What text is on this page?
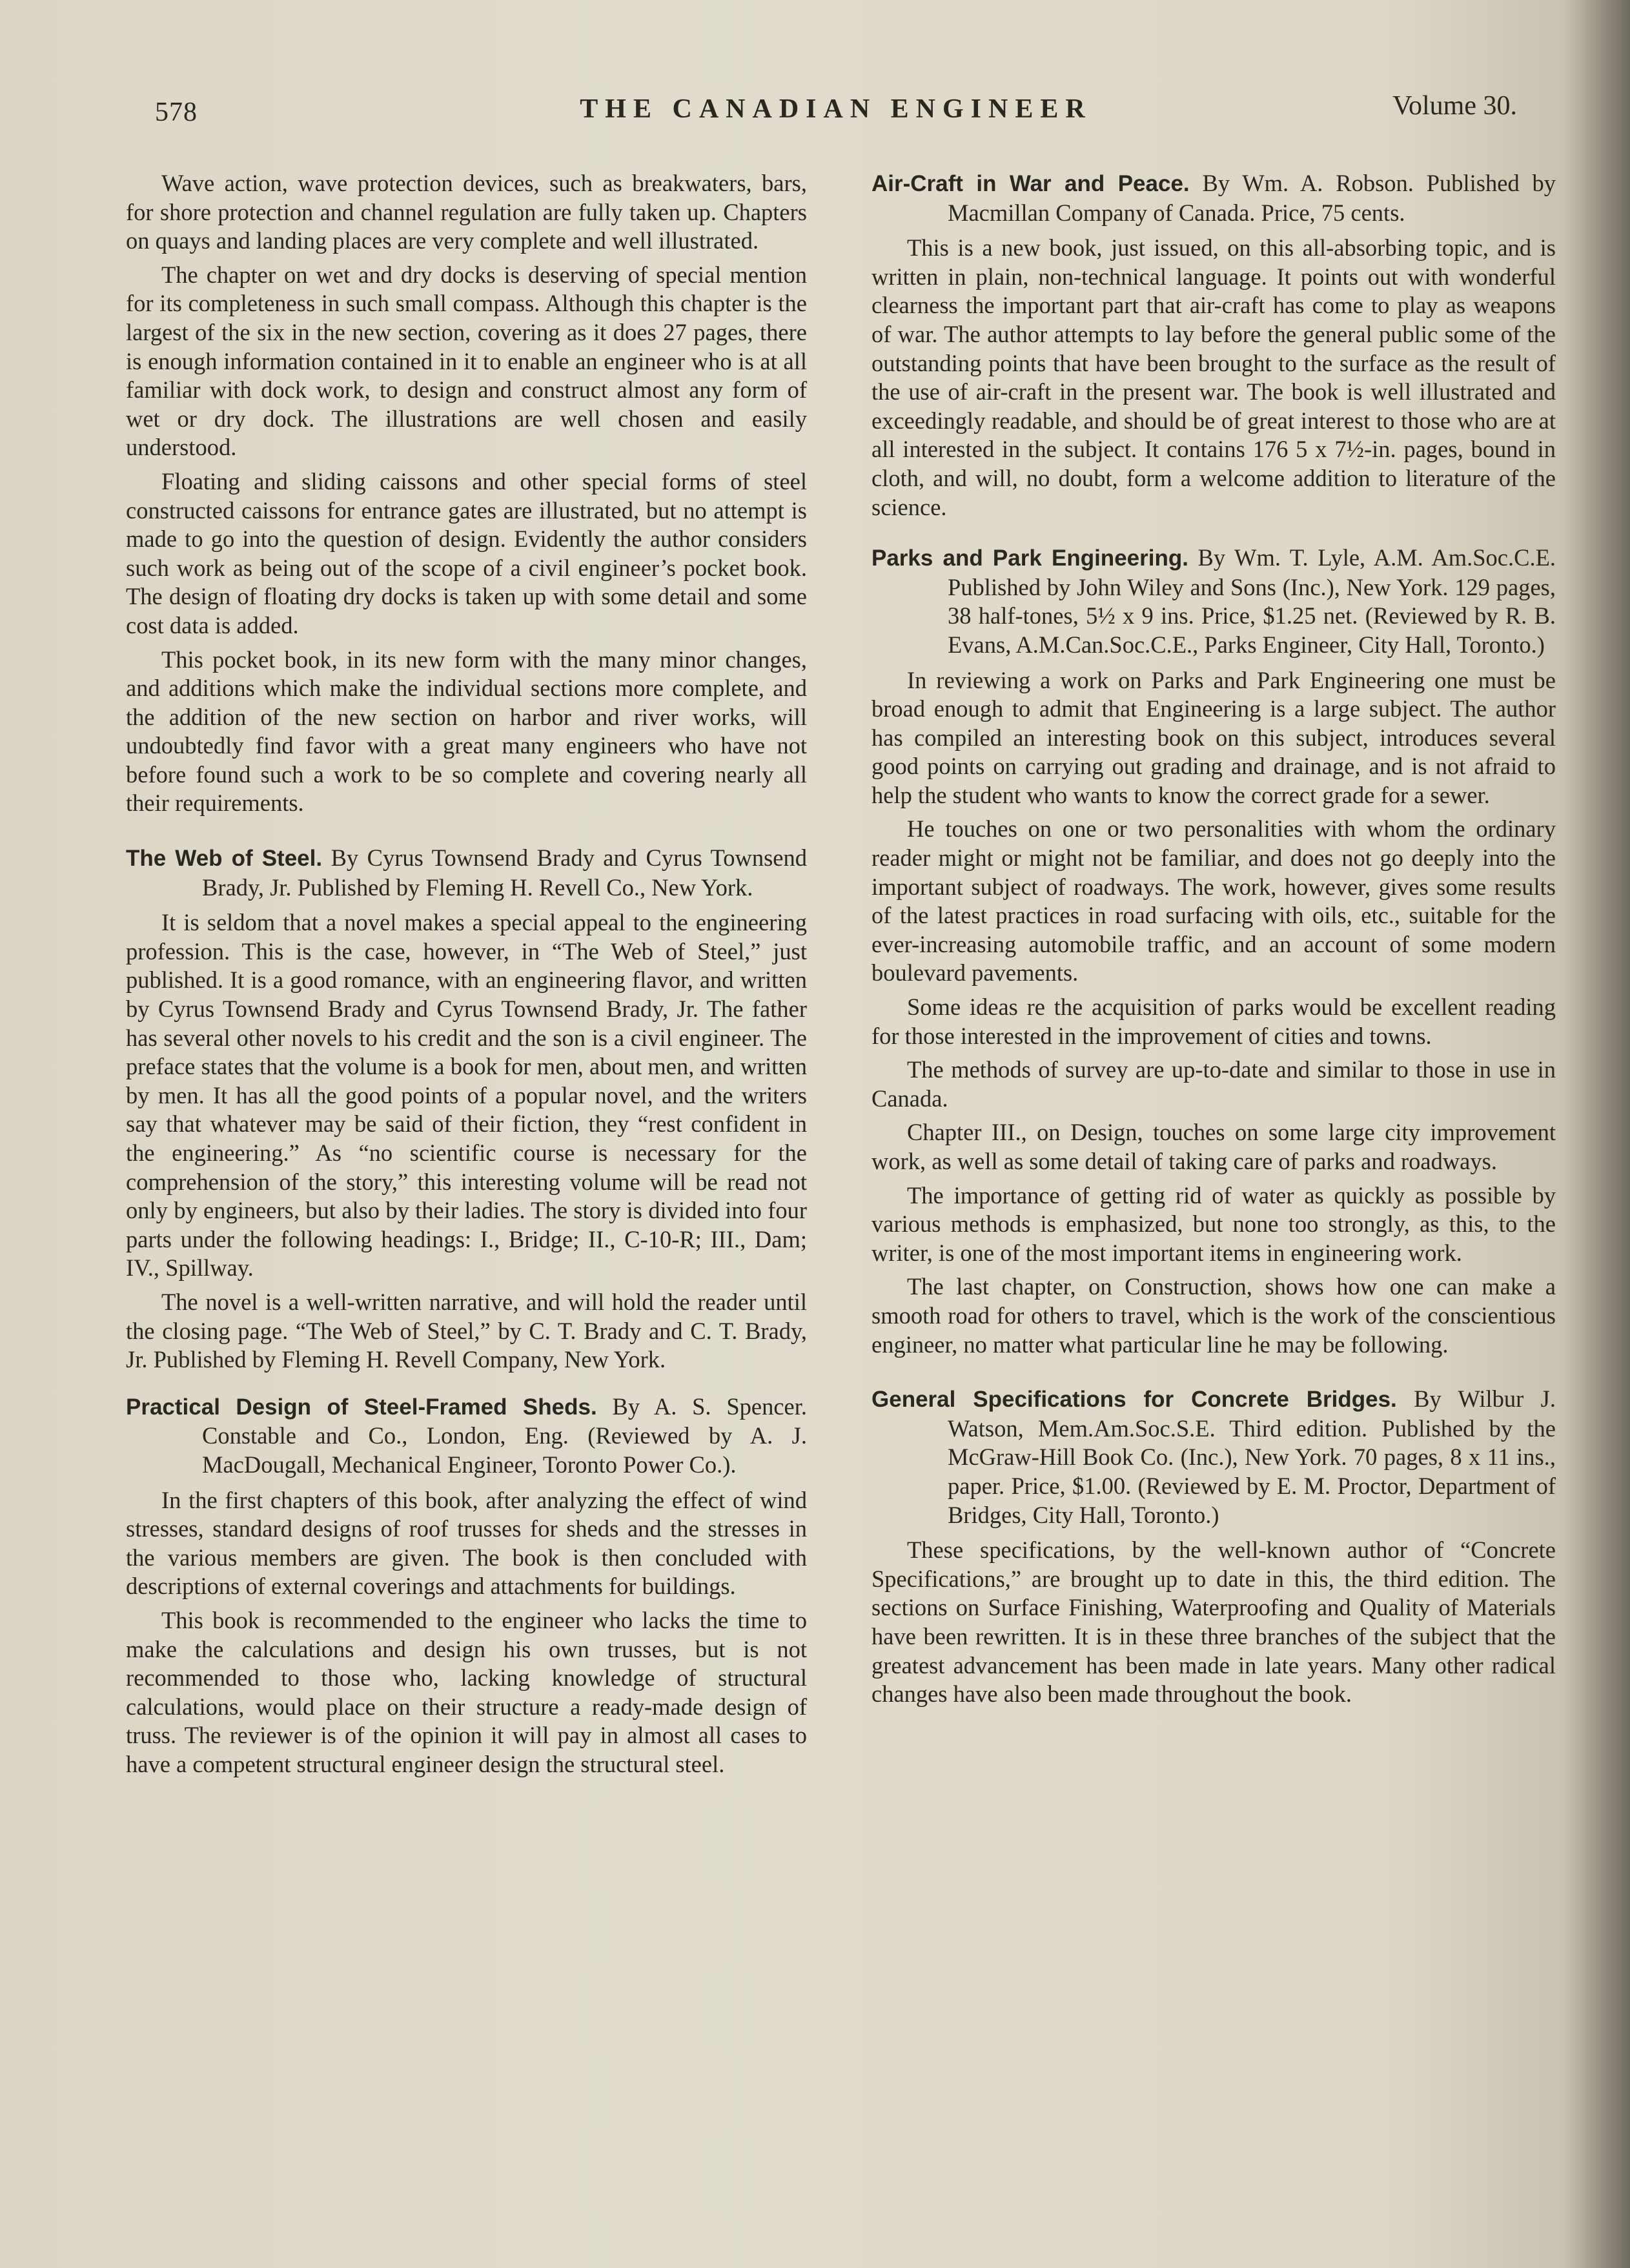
578	THE CANADIAN ENGINEER	Volume 30.

Wave action, wave protection devices, such as breakwaters, bars, for shore protection and channel regulation are fully taken up. Chapters on quays and landing places are very complete and well illustrated.

The chapter on wet and dry docks is deserving of special mention for its completeness in such small compass. Although this chapter is the largest of the six in the new section, covering as it does 27 pages, there is enough information contained in it to enable an engineer who is at all familiar with dock work, to design and construct almost any form of wet or dry dock. The illustrations are well chosen and easily understood.

Floating and sliding caissons and other special forms of steel constructed caissons for entrance gates are illustrated, but no attempt is made to go into the question of design. Evidently the author considers such work as being out of the scope of a civil engineer’s pocket book. The design of floating dry docks is taken up with some detail and some cost data is added.

This pocket book, in its new form with the many minor changes, and additions which make the individual sections more complete, and the addition of the new section on harbor and river works, will undoubtedly find favor with a great many engineers who have not before found such a work to be so complete and covering nearly all their requirements.

The Web of Steel. By Cyrus Townsend Brady and Cyrus Townsend Brady, Jr. Published by Fleming H. Revell Co., New York.

It is seldom that a novel makes a special appeal to the engineering profession. This is the case, however, in “The Web of Steel,” just published. It is a good romance, with an engineering flavor, and written by Cyrus Townsend Brady and Cyrus Townsend Brady, Jr. The father has several other novels to his credit and the son is a civil engineer. The preface states that the volume is a book for men, about men, and written by men. It has all the good points of a popular novel, and the writers say that whatever may be said of their fiction, they “rest confident in the engineering.” As “no scientific course is necessary for the comprehension of the story,” this interesting volume will be read not only by engineers, but also by their ladies. The story is divided into four parts under the following headings: I., Bridge; II., C-10-R; III., Dam; IV., Spillway.

The novel is a well-written narrative, and will hold the reader until the closing page. “The Web of Steel,” by C. T. Brady and C. T. Brady, Jr. Published by Fleming H. Revell Company, New York.

Practical Design of Steel-Framed Sheds. By A. S. Spencer. Constable and Co., London, Eng. (Reviewed by A. J. MacDougall, Mechanical Engineer, Toronto Power Co.).

In the first chapters of this book, after analyzing the effect of wind stresses, standard designs of roof trusses for sheds and the stresses in the various members are given. The book is then concluded with descriptions of external coverings and attachments for buildings.

This book is recommended to the engineer who lacks the time to make the calculations and design his own trusses, but is not recommended to those who, lacking knowledge of structural calculations, would place on their structure a ready-made design of truss. The reviewer is of the opinion it will pay in almost all cases to have a competent structural engineer design the structural steel.

Air-Craft in War and Peace. By Wm. A. Robson. Published by Macmillan Company of Canada. Price, 75 cents.

This is a new book, just issued, on this all-absorbing topic, and is written in plain, non-technical language. It points out with wonderful clearness the important part that air-craft has come to play as weapons of war. The author attempts to lay before the general public some of the outstanding points that have been brought to the surface as the result of the use of air-craft in the present war. The book is well illustrated and exceedingly readable, and should be of great interest to those who are at all interested in the subject. It contains 176 5 x 7½-in. pages, bound in cloth, and will, no doubt, form a welcome addition to literature of the science.

Parks and Park Engineering. By Wm. T. Lyle, A.M. Am.Soc.C.E. Published by John Wiley and Sons (Inc.), New York. 129 pages, 38 half-tones, 5½ x 9 ins. Price, $1.25 net. (Reviewed by R. B. Evans, A.M.Can.Soc.C.E., Parks Engineer, City Hall, Toronto.)

In reviewing a work on Parks and Park Engineering one must be broad enough to admit that Engineering is a large subject. The author has compiled an interesting book on this subject, introduces several good points on carrying out grading and drainage, and is not afraid to help the student who wants to know the correct grade for a sewer.

He touches on one or two personalities with whom the ordinary reader might or might not be familiar, and does not go deeply into the important subject of roadways. The work, however, gives some results of the latest practices in road surfacing with oils, etc., suitable for the ever-increasing automobile traffic, and an account of some modern boulevard pavements.

Some ideas re the acquisition of parks would be excellent reading for those interested in the improvement of cities and towns.

The methods of survey are up-to-date and similar to those in use in Canada.

Chapter III., on Design, touches on some large city improvement work, as well as some detail of taking care of parks and roadways.

The importance of getting rid of water as quickly as possible by various methods is emphasized, but none too strongly, as this, to the writer, is one of the most important items in engineering work.

The last chapter, on Construction, shows how one can make a smooth road for others to travel, which is the work of the conscientious engineer, no matter what particular line he may be following.

General Specifications for Concrete Bridges. By Wilbur J. Watson, Mem.Am.Soc.S.E. Third edition. Published by the McGraw-Hill Book Co. (Inc.), New York. 70 pages, 8 x 11 ins., paper. Price, $1.00. (Reviewed by E. M. Proctor, Department of Bridges, City Hall, Toronto.)

These specifications, by the well-known author of “Concrete Specifications,” are brought up to date in this, the third edition. The sections on Surface Finishing, Waterproofing and Quality of Materials have been rewritten. It is in these three branches of the subject that the greatest advancement has been made in late years. Many other radical changes have also been made throughout the book.
